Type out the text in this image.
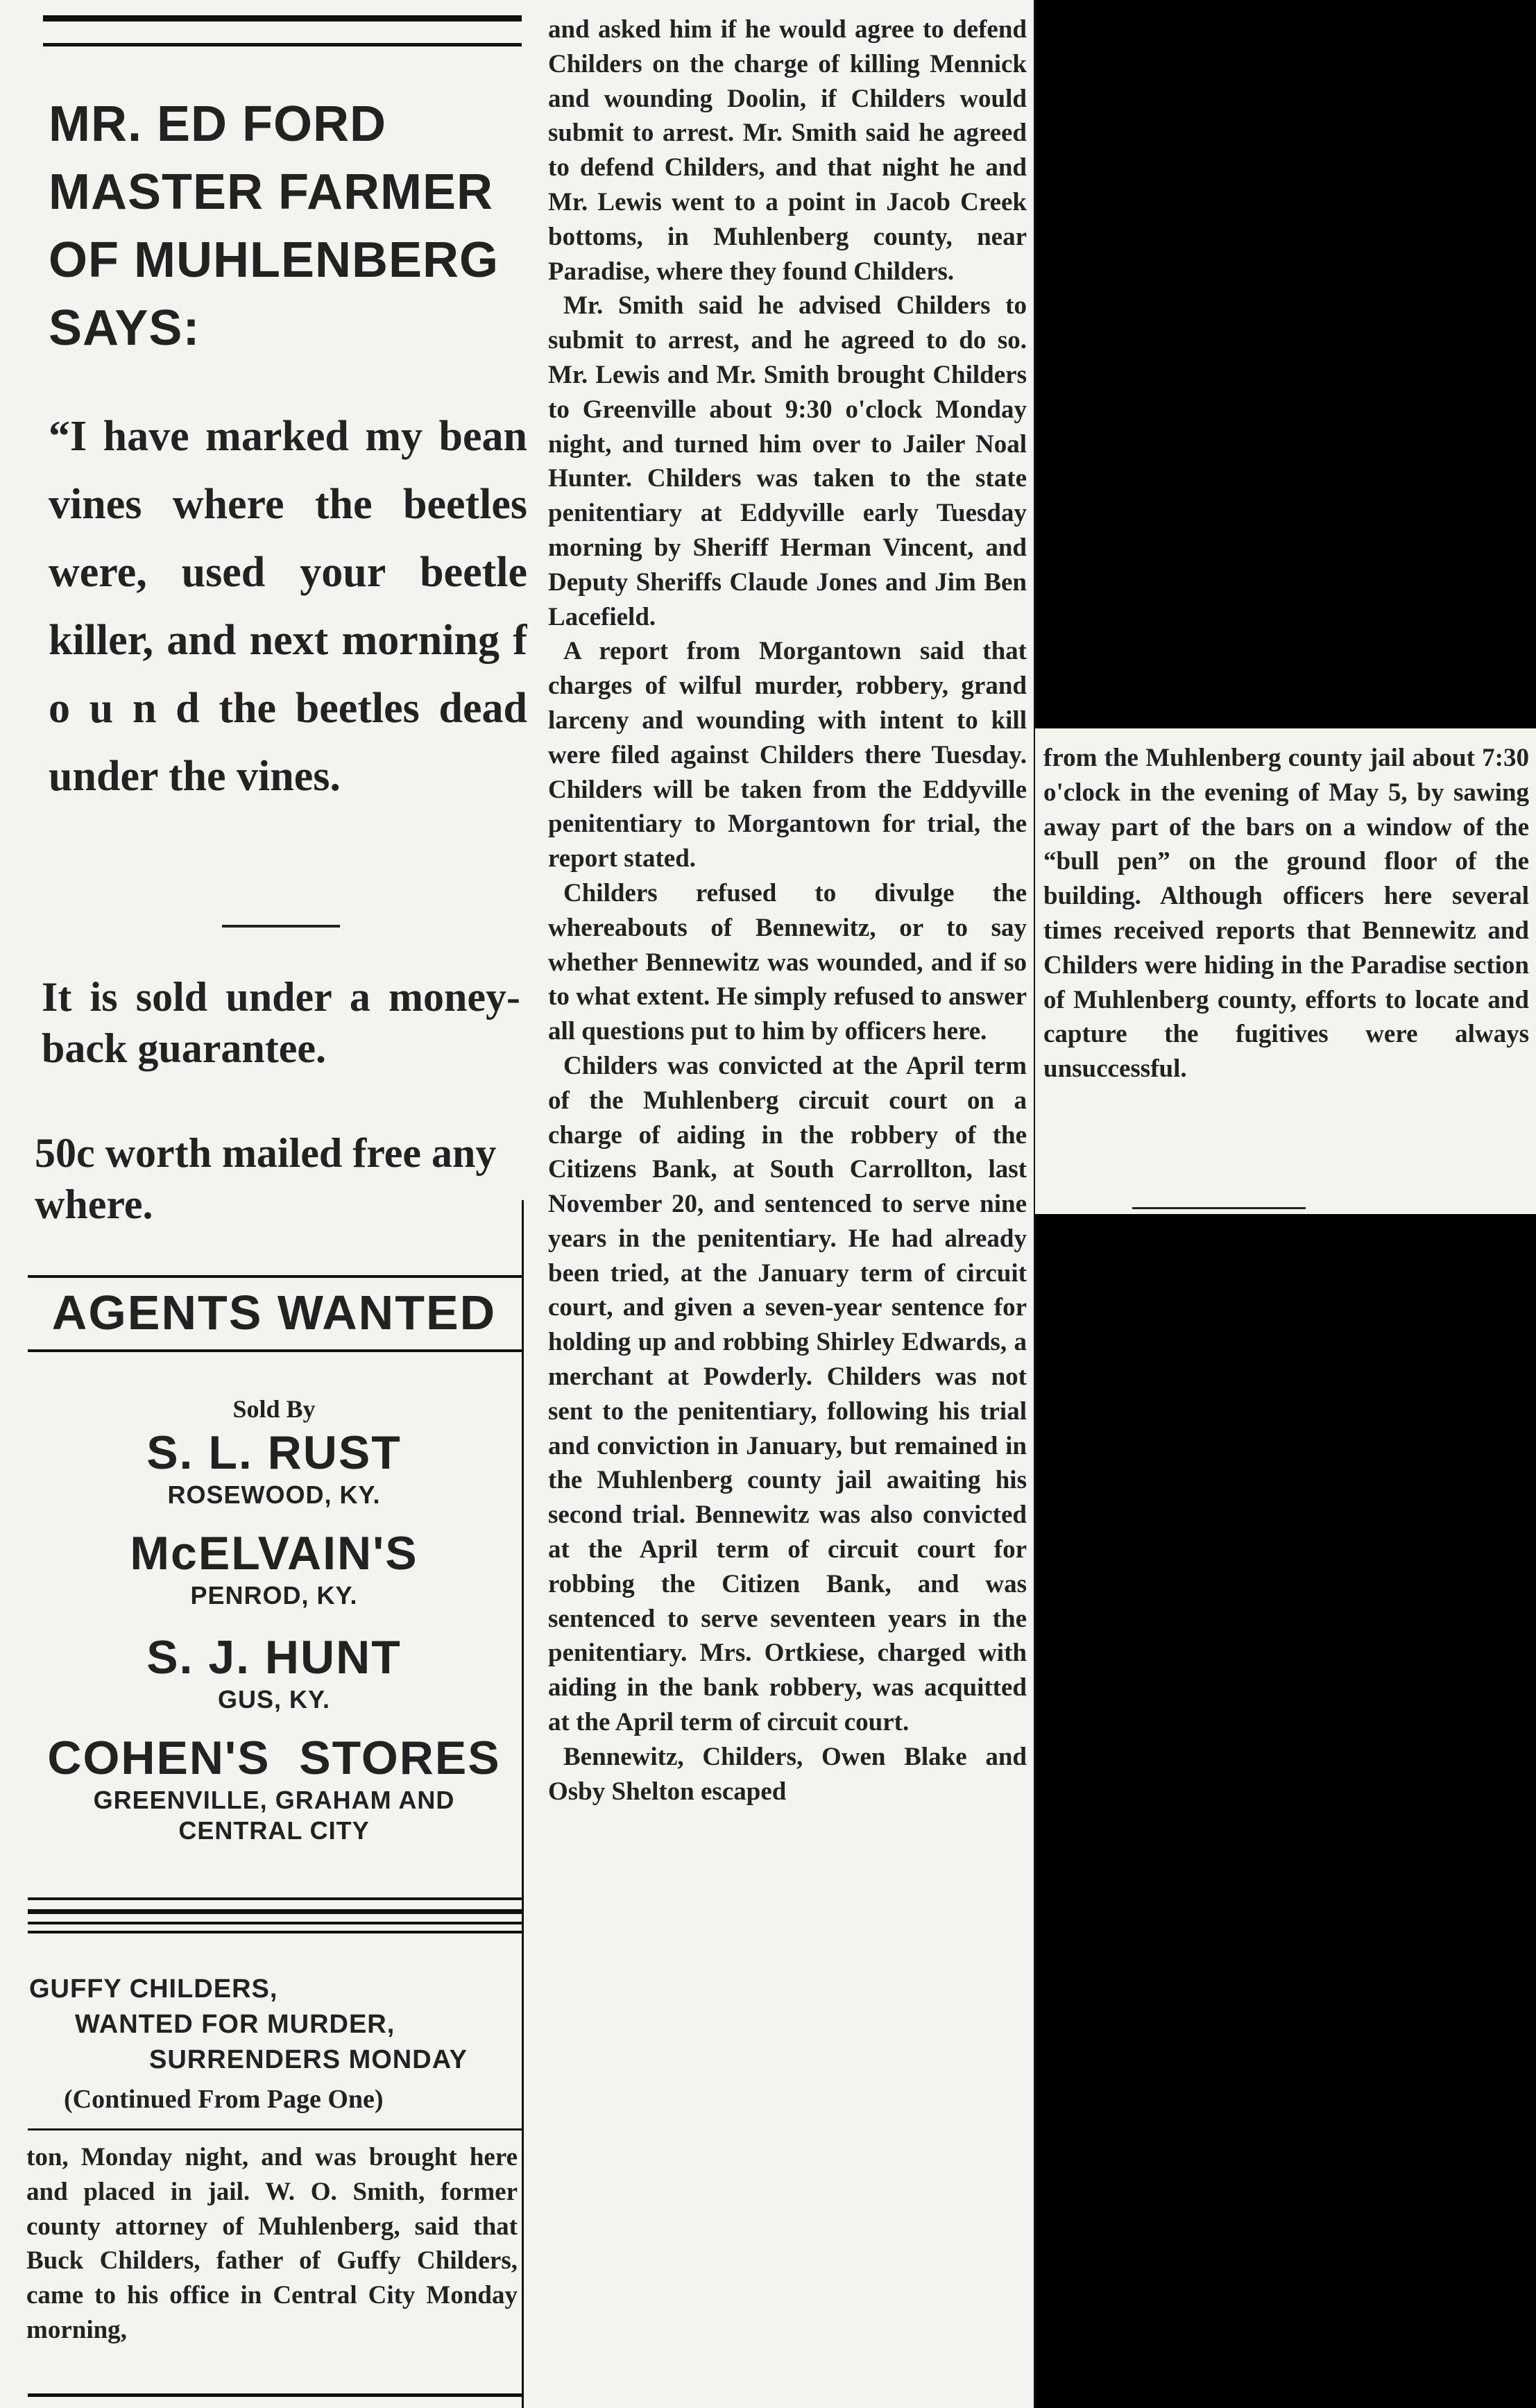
MR. ED FORD
MASTER FARMER
OF MUHLENBERG
SAYS:
“I have marked my bean vines where the beetles were, used your beetle killer, and next morning f o u n d the beetles dead under the vines.
It is sold under a money-back guarantee.
50c worth mailed free any where.
AGENTS WANTED
Sold By
S. L. RUST
ROSEWOOD, KY.
McELVAIN'S
PENROD, KY.
S. J. HUNT
GUS, KY.
COHEN'S  STORES
GREENVILLE, GRAHAM AND
CENTRAL CITY
GUFFY CHILDERS,
WANTED FOR MURDER,
SURRENDERS MONDAY
(Continued From Page One)

ton, Monday night, and was brought here and placed in jail. W. O. Smith, former county attorney of Muhlenberg, said that Buck Childers, father of Guffy Childers, came to his office in Central City Monday morning,

and asked him if he would agree to defend Childers on the charge of killing Mennick and wounding Doolin, if Childers would submit to arrest. Mr. Smith said he agreed to defend Childers, and that night he and Mr. Lewis went to a point in Jacob Creek bottoms, in Muhlenberg county, near Paradise, where they found Childers.

Mr. Smith said he advised Childers to submit to arrest, and he agreed to do so. Mr. Lewis and Mr. Smith brought Childers to Greenville about 9:30 o'clock Monday night, and turned him over to Jailer Noal Hunter. Childers was taken to the state penitentiary at Eddyville early Tuesday morning by Sheriff Herman Vincent, and Deputy Sheriffs Claude Jones and Jim Ben Lacefield.

A report from Morgantown said that charges of wilful murder, robbery, grand larceny and wounding with intent to kill were filed against Childers there Tuesday. Childers will be taken from the Eddyville penitentiary to Morgantown for trial, the report stated.

Childers refused to divulge the whereabouts of Bennewitz, or to say whether Bennewitz was wounded, and if so to what extent. He simply refused to answer all questions put to him by officers here.

Childers was convicted at the April term of the Muhlenberg circuit court on a charge of aiding in the robbery of the Citizens Bank, at South Carrollton, last November 20, and sentenced to serve nine years in the penitentiary. He had already been tried, at the January term of circuit court, and given a seven-year sentence for holding up and robbing Shirley Edwards, a merchant at Powderly. Childers was not sent to the penitentiary, following his trial and conviction in January, but remained in the Muhlenberg county jail awaiting his second trial. Bennewitz was also convicted at the April term of circuit court for robbing the Citizen Bank, and was sentenced to serve seventeen years in the penitentiary. Mrs. Ortkiese, charged with aiding in the bank robbery, was acquitted at the April term of circuit court.

Bennewitz, Childers, Owen Blake and Osby Shelton escaped

from the Muhlenberg county jail about 7:30 o'clock in the evening of May 5, by sawing away part of the bars on a window of the “bull pen” on the ground floor of the building. Although officers here several times received reports that Bennewitz and Childers were hiding in the Paradise section of Muhlenberg county, efforts to locate and capture the fugitives were always unsuccessful.
